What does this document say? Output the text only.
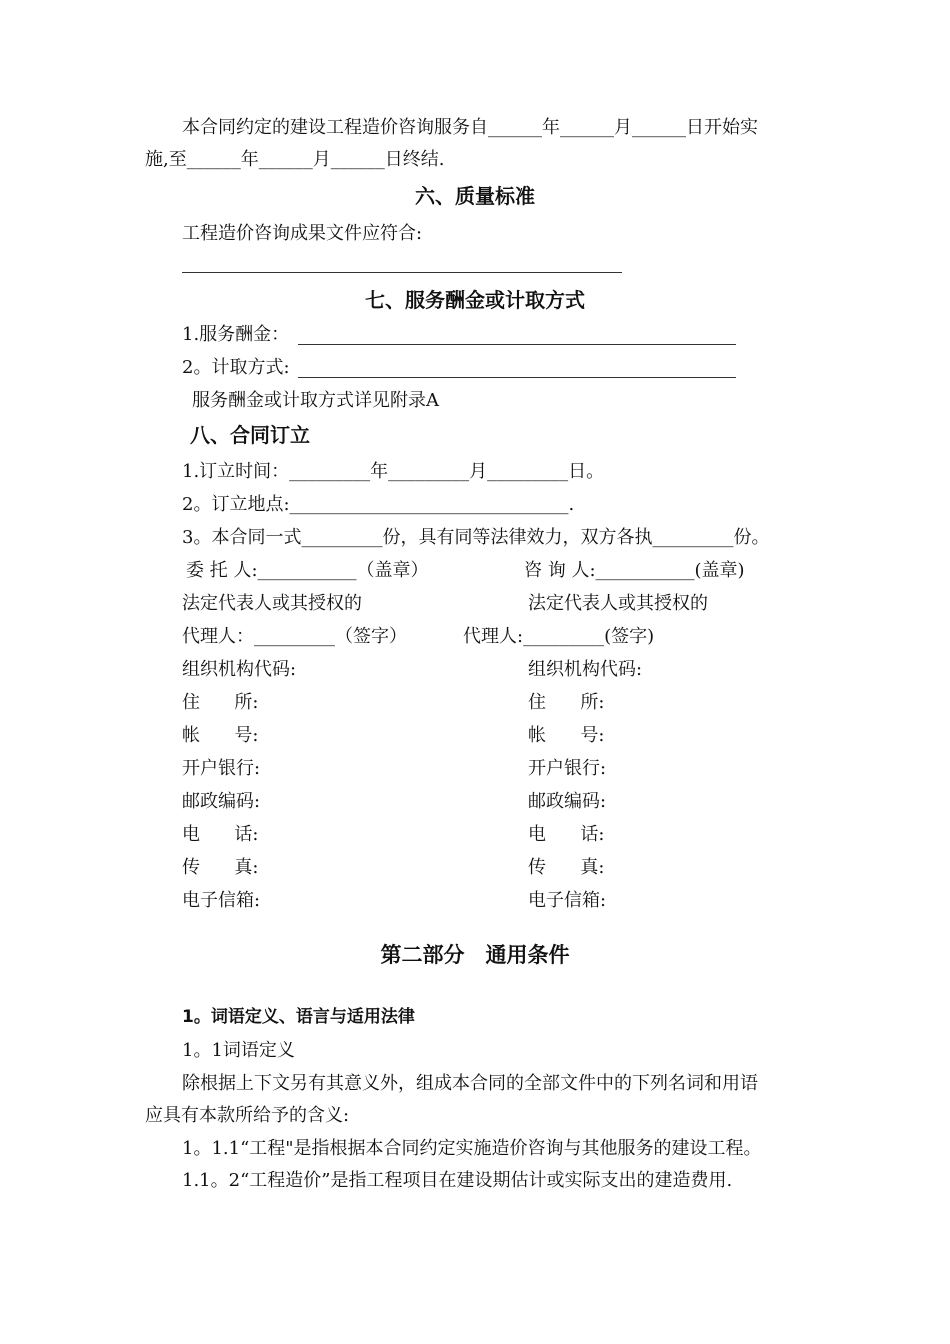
本合同约定的建设工程造价咨询服务自______年______月______日开始实
施,至______年______月______日终结.
六、质量标准
工程造价咨询成果文件应符合:
七、服务酬金或计取方式
1.服务酬金：
2。计取方式:
服务酬金或计取方式详见附录A
八、合同订立
1.订立时间：_________年_________月_________日。
2。订立地点:_______________________________.
3。本合同一式_________份，具有同等法律效力，双方各执_________份。
委 托 人:___________（盖章）
法定代表人或其授权的
代理人：_________（签字）
组织机构代码:
住      所:
帐      号:
开户银行:
邮政编码:
电      话:
传      真:
电子信箱:
咨 询 人:___________(盖章)
法定代表人或其授权的
代理人:_________(签字)
组织机构代码:
住      所:
帐      号:
开户银行:
邮政编码:
电      话:
传      真:
电子信箱:
第二部分　通用条件
1。词语定义、语言与适用法律
1。1词语定义
除根据上下文另有其意义外，组成本合同的全部文件中的下列名词和用语
应具有本款所给予的含义:
1。1.1“工程"是指根据本合同约定实施造价咨询与其他服务的建设工程。
1.1。2“工程造价”是指工程项目在建设期估计或实际支出的建造费用.
